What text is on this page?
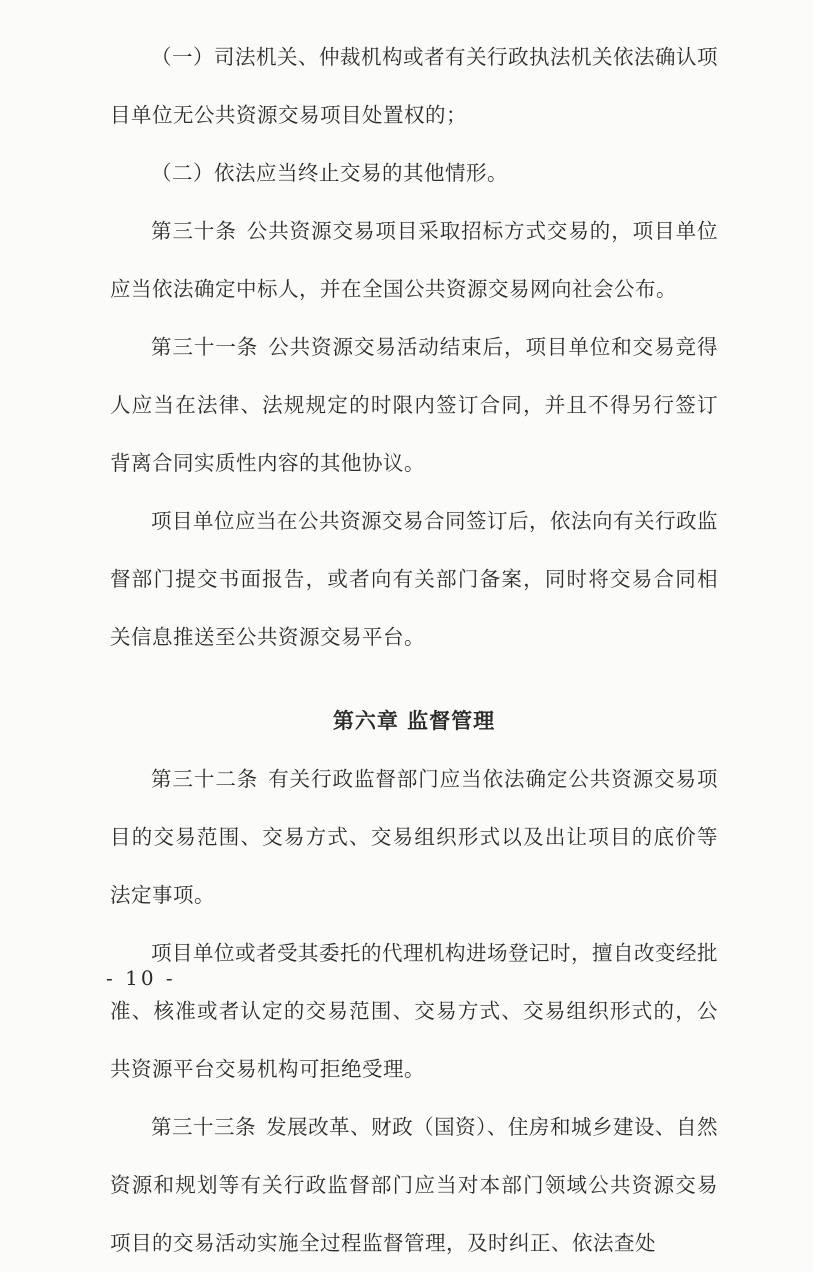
（一）司法机关、仲裁机构或者有关行政执法机关依法确认项目单位无公共资源交易项目处置权的；

（二）依法应当终止交易的其他情形。

第三十条 公共资源交易项目采取招标方式交易的，项目单位应当依法确定中标人，并在全国公共资源交易网向社会公布。

第三十一条 公共资源交易活动结束后，项目单位和交易竞得人应当在法律、法规规定的时限内签订合同，并且不得另行签订背离合同实质性内容的其他协议。

项目单位应当在公共资源交易合同签订后，依法向有关行政监督部门提交书面报告，或者向有关部门备案，同时将交易合同相关信息推送至公共资源交易平台。

第六章 监督管理

第三十二条 有关行政监督部门应当依法确定公共资源交易项目的交易范围、交易方式、交易组织形式以及出让项目的底价等法定事项。

项目单位或者受其委托的代理机构进场登记时，擅自改变经批准、核准或者认定的交易范围、交易方式、交易组织形式的，公共资源平台交易机构可拒绝受理。

第三十三条 发展改革、财政（国资）、住房和城乡建设、自然资源和规划等有关行政监督部门应当对本部门领域公共资源交易项目的交易活动实施全过程监督管理，及时纠正、依法查处

- 10 -
